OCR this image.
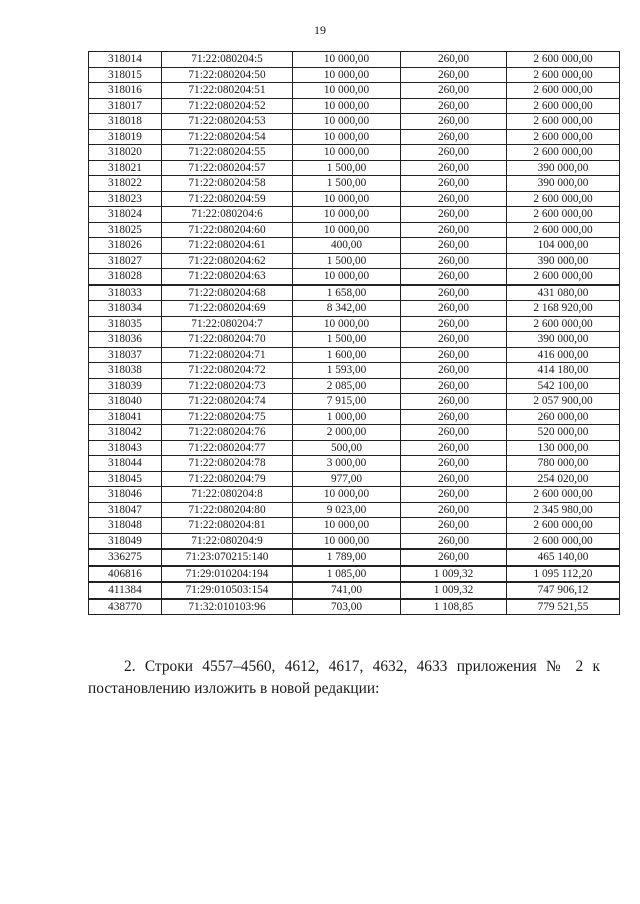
19
318014	71:22:080204:5	10 000,00	260,00	2 600 000,00
318015	71:22:080204:50	10 000,00	260,00	2 600 000,00
318016	71:22:080204:51	10 000,00	260,00	2 600 000,00
318017	71:22:080204:52	10 000,00	260,00	2 600 000,00
318018	71:22:080204:53	10 000,00	260,00	2 600 000,00
318019	71:22:080204:54	10 000,00	260,00	2 600 000,00
318020	71:22:080204:55	10 000,00	260,00	2 600 000,00
318021	71:22:080204:57	1 500,00	260,00	390 000,00
318022	71:22:080204:58	1 500,00	260,00	390 000,00
318023	71:22:080204:59	10 000,00	260,00	2 600 000,00
318024	71:22:080204:6	10 000,00	260,00	2 600 000,00
318025	71:22:080204:60	10 000,00	260,00	2 600 000,00
318026	71:22:080204:61	400,00	260,00	104 000,00
318027	71:22:080204:62	1 500,00	260,00	390 000,00
318028	71:22:080204:63	10 000,00	260,00	2 600 000,00
318033	71:22:080204:68	1 658,00	260,00	431 080,00
318034	71:22:080204:69	8 342,00	260,00	2 168 920,00
318035	71:22:080204:7	10 000,00	260,00	2 600 000,00
318036	71:22:080204:70	1 500,00	260,00	390 000,00
318037	71:22:080204:71	1 600,00	260,00	416 000,00
318038	71:22:080204:72	1 593,00	260,00	414 180,00
318039	71:22:080204:73	2 085,00	260,00	542 100,00
318040	71:22:080204:74	7 915,00	260,00	2 057 900,00
318041	71:22:080204:75	1 000,00	260,00	260 000,00
318042	71:22:080204:76	2 000,00	260,00	520 000,00
318043	71:22:080204:77	500,00	260,00	130 000,00
318044	71:22:080204:78	3 000,00	260,00	780 000,00
318045	71:22:080204:79	977,00	260,00	254 020,00
318046	71:22:080204:8	10 000,00	260,00	2 600 000,00
318047	71:22:080204:80	9 023,00	260,00	2 345 980,00
318048	71:22:080204:81	10 000,00	260,00	2 600 000,00
318049	71:22:080204:9	10 000,00	260,00	2 600 000,00
336275	71:23:070215:140	1 789,00	260,00	465 140,00
406816	71:29:010204:194	1 085,00	1 009,32	1 095 112,20
411384	71:29:010503:154	741,00	1 009,32	747 906,12
438770	71:32:010103:96	703,00	1 108,85	779 521,55
2. Строки 4557–4560, 4612, 4617, 4632, 4633 приложения № 2 к постановлению изложить в новой редакции:
